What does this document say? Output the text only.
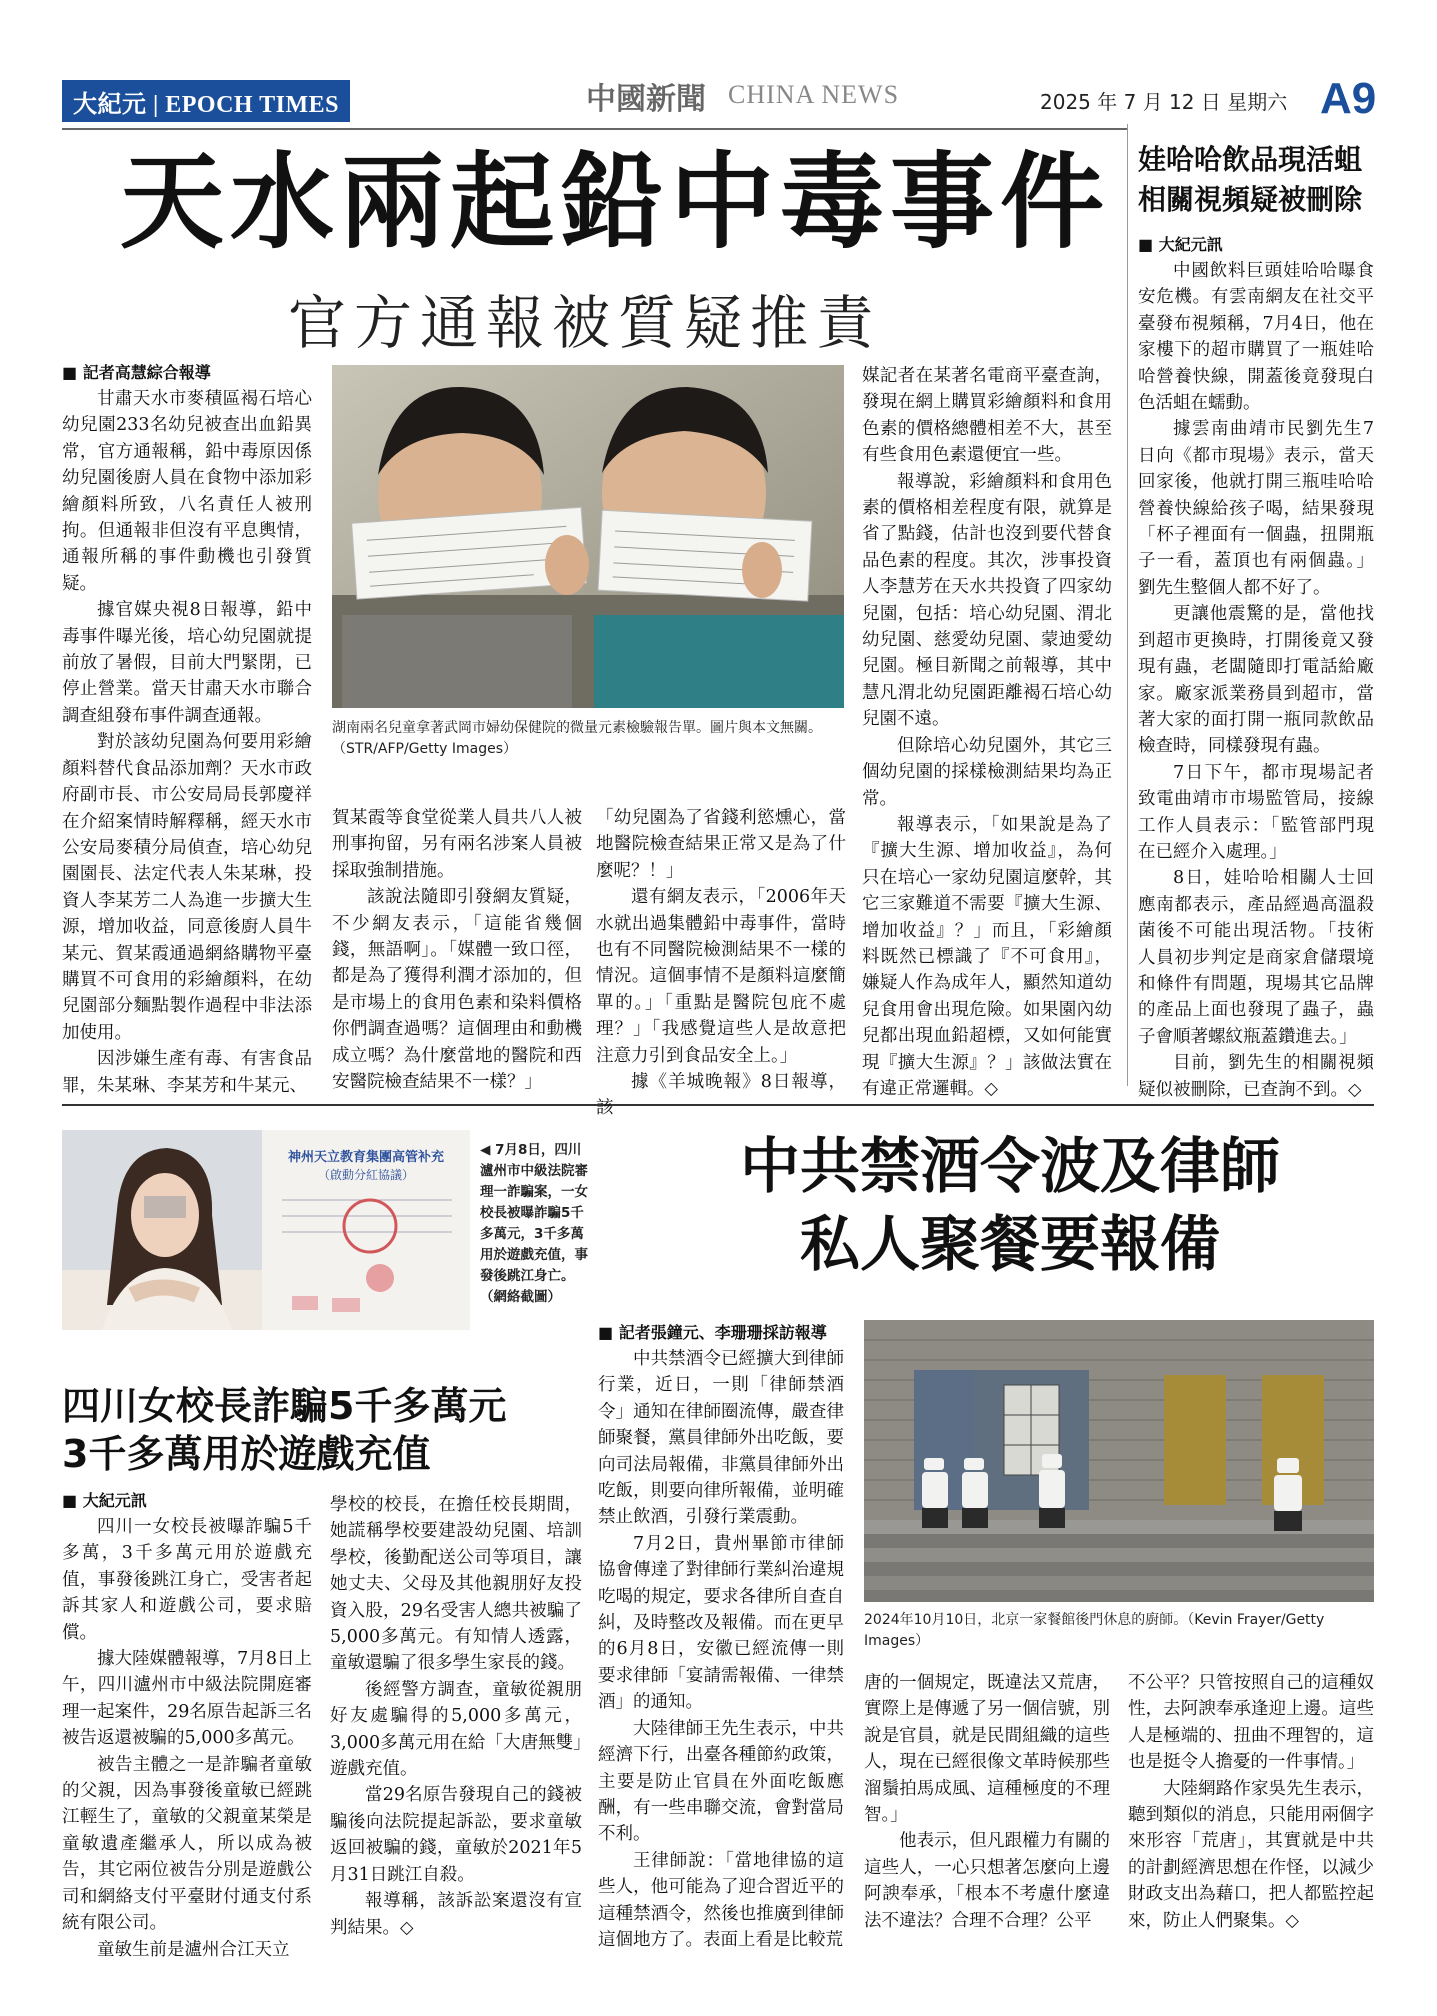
大紀元 | EPOCH TIMES	中國新聞 CHINA NEWS	2025 年 7 月 12 日 星期六 A9
天水兩起鉛中毒事件
官方通報被質疑推責
■ 記者高慧綜合報導

甘肅天水市麥積區褐石培心幼兒園233名幼兒被查出血鉛異常，官方通報稱，鉛中毒原因係幼兒園後廚人員在食物中添加彩繪顏料所致，八名責任人被刑拘。但通報非但沒有平息輿情，通報所稱的事件動機也引發質疑。

據官媒央視8日報導，鉛中毒事件曝光後，培心幼兒園就提前放了暑假，目前大門緊閉，已停止營業。當天甘肅天水市聯合調查組發布事件調查通報。

對於該幼兒園為何要用彩繪顏料替代食品添加劑？天水市政府副市長、市公安局局長郭慶祥在介紹案情時解釋稱，經天水市公安局麥積分局偵查，培心幼兒園園長、法定代表人朱某琳，投資人李某芳二人為進一步擴大生源，增加收益，同意後廚人員牛某元、賀某霞通過網絡購物平臺購買不可食用的彩繪顏料，在幼兒園部分麵點製作過程中非法添加使用。

因涉嫌生產有毒、有害食品罪，朱某琳、李某芳和牛某元、

湖南兩名兒童拿著武岡市婦幼保健院的微量元素檢驗報告單。圖片與本文無關。（STR/AFP/Getty Images）

賀某霞等食堂從業人員共八人被刑事拘留，另有兩名涉案人員被採取強制措施。

該說法隨即引發網友質疑，不少網友表示，「這能省幾個錢，無語啊」。「媒體一致口徑，都是為了獲得利潤才添加的，但是市場上的食用色素和染料價格你們調查過嗎？這個理由和動機成立嗎？為什麼當地的醫院和西安醫院檢查結果不一樣？」

「幼兒園為了省錢利慾燻心，當地醫院檢查結果正常又是為了什麼呢？！」

還有網友表示，「2006年天水就出過集體鉛中毒事件，當時也有不同醫院檢測結果不一樣的情況。這個事情不是顏料這麼簡單的。」「重點是醫院包庇不處理？」「我感覺這些人是故意把注意力引到食品安全上。」

據《羊城晚報》8日報導，該

媒記者在某著名電商平臺查詢，發現在網上購買彩繪顏料和食用色素的價格總體相差不大，甚至有些食用色素還便宜一些。

報導說，彩繪顏料和食用色素的價格相差程度有限，就算是省了點錢，估計也沒到要代替食品色素的程度。其次，涉事投資人李慧芳在天水共投資了四家幼兒園，包括：培心幼兒園、渭北幼兒園、慈愛幼兒園、蒙迪愛幼兒園。極目新聞之前報導，其中慧凡渭北幼兒園距離褐石培心幼兒園不遠。

但除培心幼兒園外，其它三個幼兒園的採樣檢測結果均為正常。

報導表示，「如果說是為了『擴大生源、增加收益』，為何只在培心一家幼兒園這麼幹，其它三家難道不需要『擴大生源、增加收益』？」而且，「彩繪顏料既然已標識了『不可食用』，嫌疑人作為成年人，顯然知道幼兒食用會出現危險。如果園內幼兒都出現血鉛超標，又如何能實現『擴大生源』？」該做法實在有違正常邏輯。◇

娃哈哈飲品現活蛆相關視頻疑被刪除
■ 大紀元訊

中國飲料巨頭娃哈哈曝食安危機。有雲南網友在社交平臺發布視頻稱，7月4日，他在家樓下的超市購買了一瓶娃哈哈營養快線，開蓋後竟發現白色活蛆在蠕動。

據雲南曲靖市民劉先生7日向《都市現場》表示，當天回家後，他就打開三瓶哇哈哈營養快線給孩子喝，結果發現「杯子裡面有一個蟲，扭開瓶子一看，蓋頂也有兩個蟲。」劉先生整個人都不好了。

更讓他震驚的是，當他找到超市更換時，打開後竟又發現有蟲，老闆隨即打電話給廠家。廠家派業務員到超市，當著大家的面打開一瓶同款飲品檢查時，同樣發現有蟲。

7日下午，都市現場記者致電曲靖市市場監管局，接線工作人員表示：「監管部門現在已經介入處理。」

8日，娃哈哈相關人士回應南都表示，產品經過高溫殺菌後不可能出現活物。「技術人員初步判定是商家倉儲環境和條件有問題，現場其它品牌的產品上面也發現了蟲子，蟲子會順著螺紋瓶蓋鑽進去。」

目前，劉先生的相關視頻疑似被刪除，已查詢不到。◇

神州天立教育集團高管补充
（啟動分紅協議）
◀ 7月8日，四川瀘州市中級法院審理一詐騙案，一女校長被曝詐騙5千多萬元，3千多萬用於遊戲充值，事發後跳江身亡。（網絡截圖）
四川女校長詐騙5千多萬元
3千多萬用於遊戲充值
■ 大紀元訊

四川一女校長被曝詐騙5千多萬，3千多萬元用於遊戲充值，事發後跳江身亡，受害者起訴其家人和遊戲公司，要求賠償。

據大陸媒體報導，7月8日上午，四川瀘州市中級法院開庭審理一起案件，29名原告起訴三名被告返還被騙的5,000多萬元。

被告主體之一是詐騙者童敏的父親，因為事發後童敏已經跳江輕生了，童敏的父親童某榮是童敏遺產繼承人，所以成為被告，其它兩位被告分別是遊戲公司和網絡支付平臺財付通支付系統有限公司。

童敏生前是瀘州合江天立

學校的校長，在擔任校長期間，她謊稱學校要建設幼兒園、培訓學校，後勤配送公司等項目，讓她丈夫、父母及其他親朋好友投資入股，29名受害人總共被騙了5,000多萬元。有知情人透露，童敏還騙了很多學生家長的錢。

後經警方調查，童敏從親朋好友處騙得的5,000多萬元，3,000多萬元用在給「大唐無雙」遊戲充值。

當29名原告發現自己的錢被騙後向法院提起訴訟，要求童敏返回被騙的錢，童敏於2021年5月31日跳江自殺。

報導稱，該訴訟案還沒有宣判結果。◇

中共禁酒令波及律師
私人聚餐要報備
■ 記者張鐘元、李珊珊採訪報導

中共禁酒令已經擴大到律師行業，近日，一則「律師禁酒令」通知在律師圈流傳，嚴查律師聚餐，黨員律師外出吃飯，要向司法局報備，非黨員律師外出吃飯，則要向律所報備，並明確禁止飲酒，引發行業震動。

7月2日，貴州畢節市律師協會傳達了對律師行業糾治違規吃喝的規定，要求各律所自查自糾，及時整改及報備。而在更早的6月8日，安徽已經流傳一則要求律師「宴請需報備、一律禁酒」的通知。

大陸律師王先生表示，中共經濟下行，出臺各種節約政策，主要是防止官員在外面吃飯應酬，有一些串聯交流，會對當局不利。

王律師說：「當地律協的這些人，他可能為了迎合習近平的這種禁酒令，然後也推廣到律師這個地方了。表面上看是比較荒

2024年10月10日，北京一家餐館後門休息的廚師。（Kevin Frayer/Getty Images）

唐的一個規定，既違法又荒唐，實際上是傳遞了另一個信號，別說是官員，就是民間組織的這些人，現在已經很像文革時候那些溜鬚拍馬成風、這種極度的不理智。」

他表示，但凡跟權力有關的這些人，一心只想著怎麼向上邊阿諛奉承，「根本不考慮什麼違法不違法？合理不合理？公平

不公平？只管按照自己的這種奴性，去阿諛奉承逢迎上邊。這些人是極端的、扭曲不理智的，這也是挺令人擔憂的一件事情。」

大陸網路作家吳先生表示，聽到類似的消息，只能用兩個字來形容「荒唐」，其實就是中共的計劃經濟思想在作怪，以減少財政支出為藉口，把人都監控起來，防止人們聚集。◇
